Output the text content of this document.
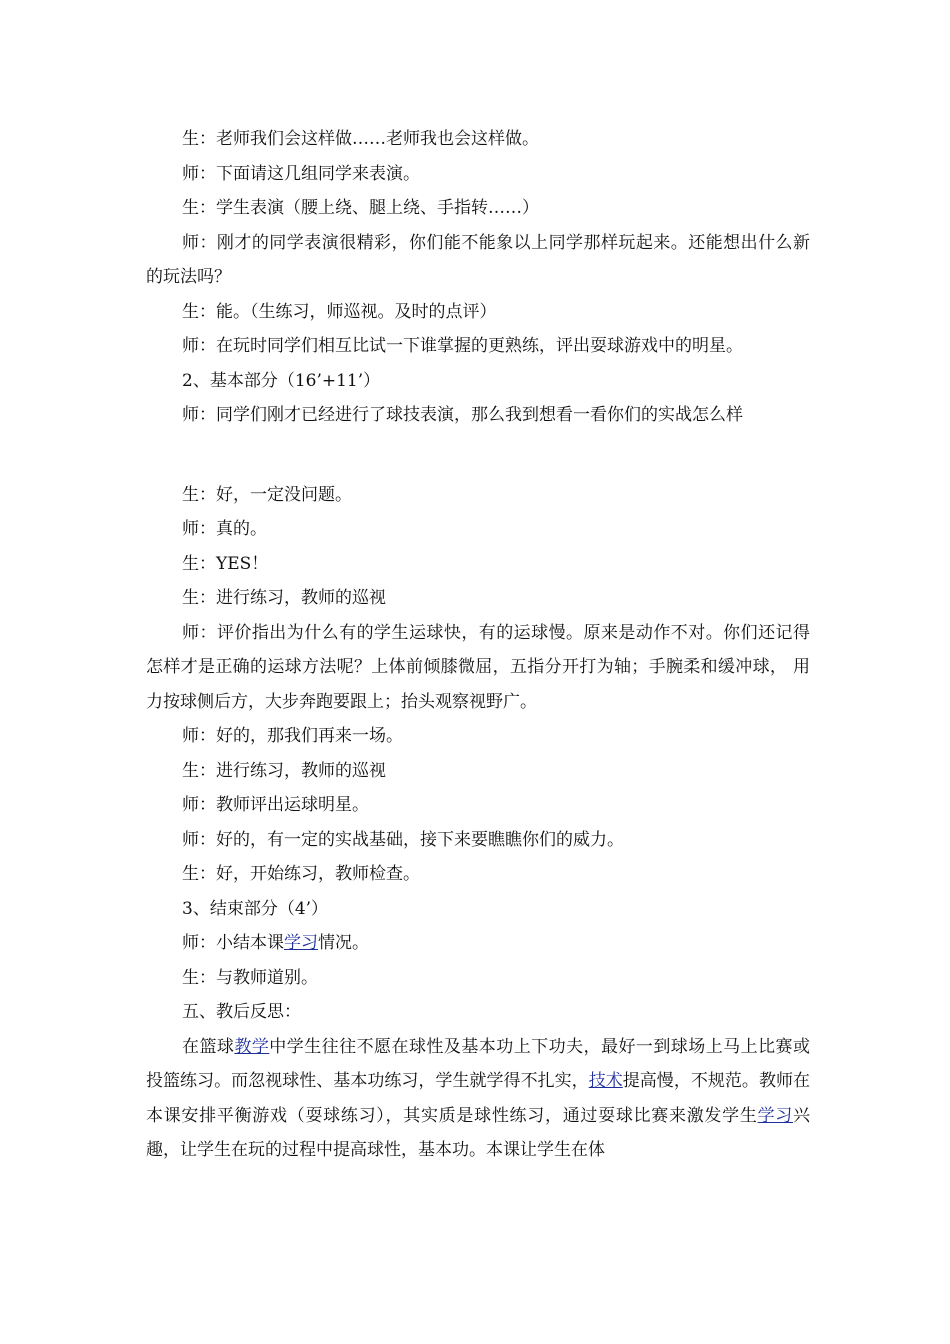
生：老师我们会这样做……老师我也会这样做。

师：下面请这几组同学来表演。

生：学生表演（腰上绕、腿上绕、手指转……）

师：刚才的同学表演很精彩，你们能不能象以上同学那样玩起来。还能想出什么新的玩法吗？

生：能。（生练习，师巡视。及时的点评）

师：在玩时同学们相互比试一下谁掌握的更熟练，评出耍球游戏中的明星。

2、基本部分（16’+11’）

师：同学们刚才已经进行了球技表演，那么我到想看一看你们的实战怎么样

生：好，一定没问题。

师：真的。

生：YES！

生：进行练习，教师的巡视

师：评价指出为什么有的学生运球快，有的运球慢。原来是动作不对。你们还记得怎样才是正确的运球方法呢？上体前倾膝微屈，五指分开打为轴；手腕柔和缓冲球， 用力按球侧后方，大步奔跑要跟上；抬头观察视野广。

师：好的，那我们再来一场。

生：进行练习，教师的巡视

师：教师评出运球明星。

师：好的，有一定的实战基础，接下来要瞧瞧你们的威力。

生：好，开始练习，教师检查。

3、结束部分（4’）

师：小结本课学习情况。

生：与教师道别。

五、教后反思：

在篮球教学中学生往往不愿在球性及基本功上下功夫，最好一到球场上马上比赛或投篮练习。而忽视球性、基本功练习，学生就学得不扎实，技术提高慢，不规范。教师在本课安排平衡游戏（耍球练习），其实质是球性练习，通过耍球比赛来激发学生学习兴趣，让学生在玩的过程中提高球性，基本功。本课让学生在体
